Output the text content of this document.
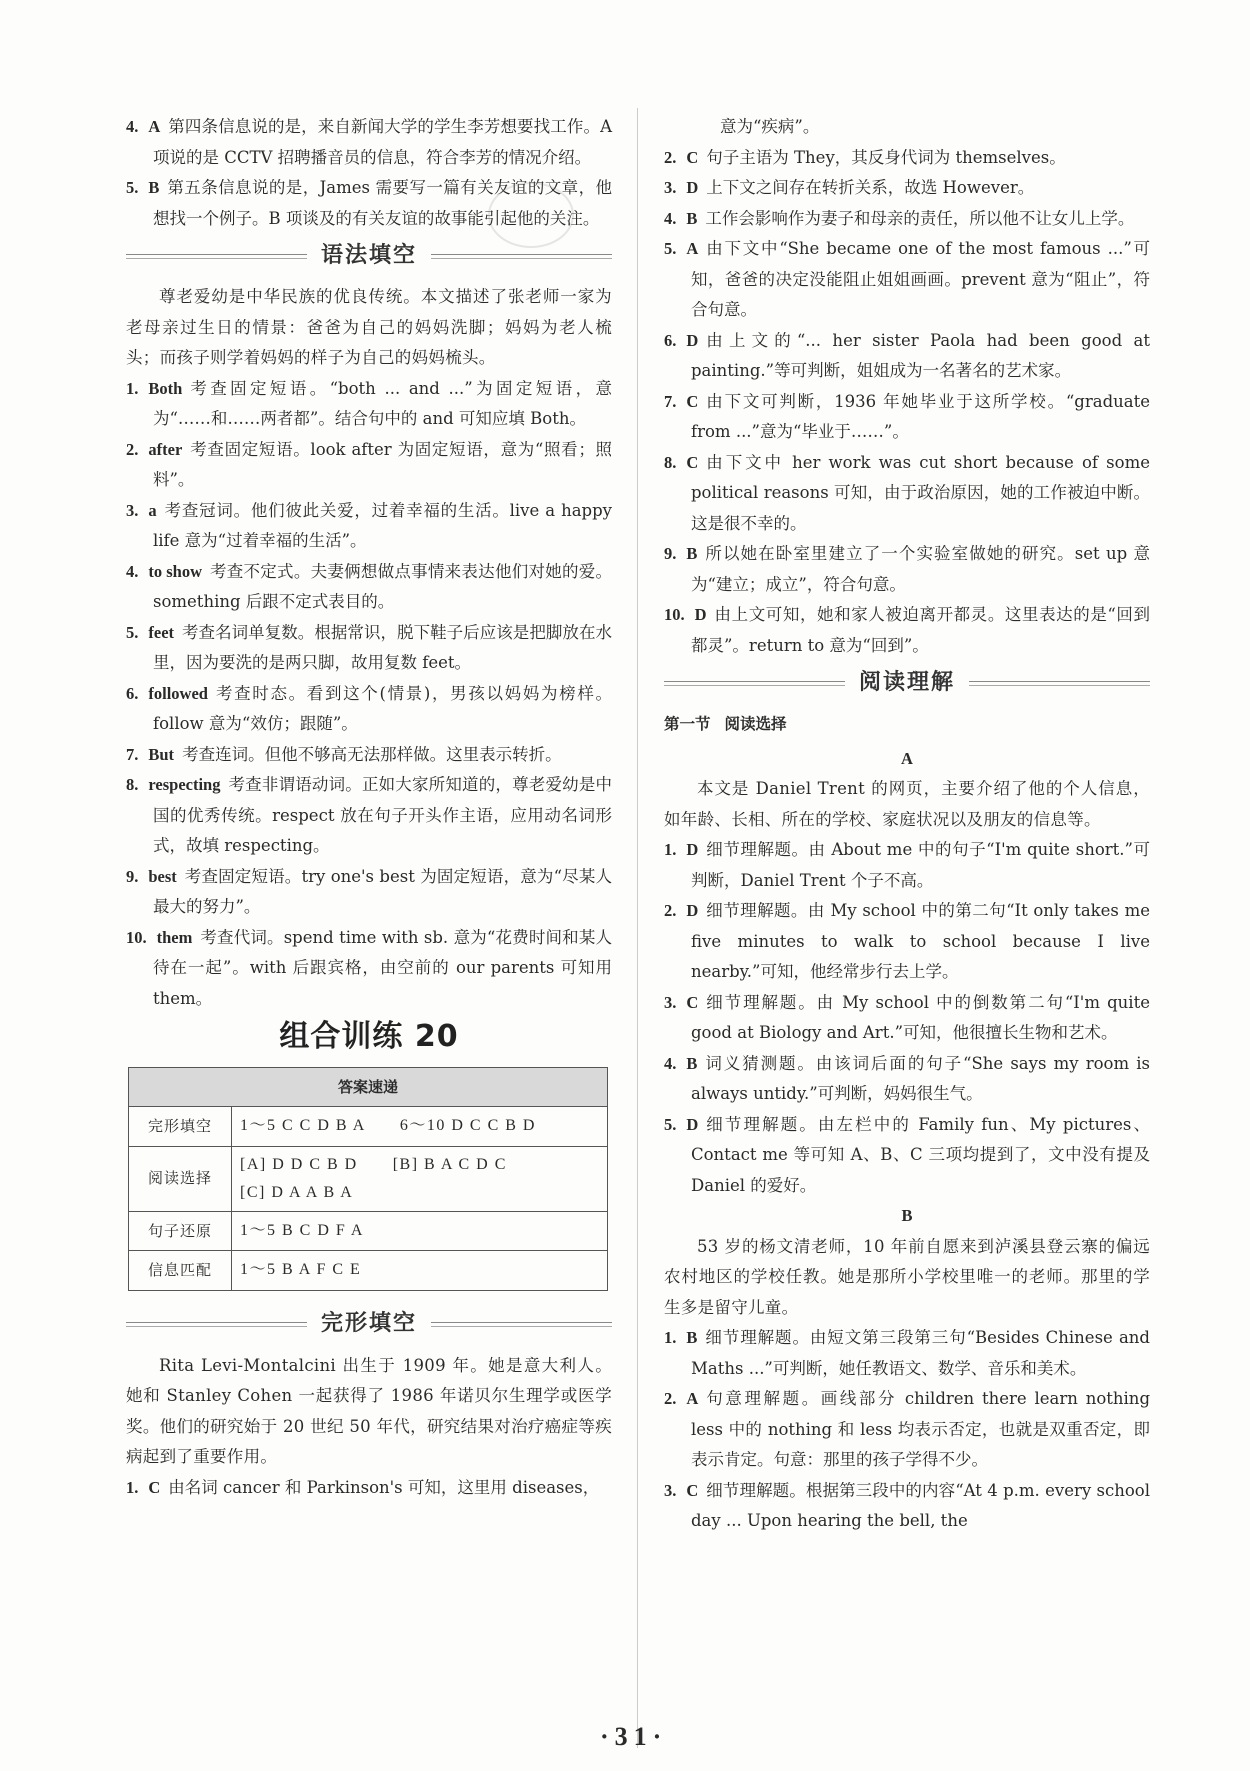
4. A 第四条信息说的是，来自新闻大学的学生李芳想要找工作。A 项说的是 CCTV 招聘播音员的信息，符合李芳的情况介绍。
5. B 第五条信息说的是，James 需要写一篇有关友谊的文章，他想找一个例子。B 项谈及的有关友谊的故事能引起他的关注。
语法填空

尊老爱幼是中华民族的优良传统。本文描述了张老师一家为老母亲过生日的情景：爸爸为自己的妈妈洗脚；妈妈为老人梳头；而孩子则学着妈妈的样子为自己的妈妈梳头。

1. Both 考查固定短语。“both ... and ...”为固定短语，意为“……和……两者都”。结合句中的 and 可知应填 Both。
2. after 考查固定短语。look after 为固定短语，意为“照看；照料”。
3. a 考查冠词。他们彼此关爱，过着幸福的生活。live a happy life 意为“过着幸福的生活”。
4. to show 考查不定式。夫妻俩想做点事情来表达他们对她的爱。something 后跟不定式表目的。
5. feet 考查名词单复数。根据常识，脱下鞋子后应该是把脚放在水里，因为要洗的是两只脚，故用复数 feet。
6. followed 考查时态。看到这个(情景)，男孩以妈妈为榜样。follow 意为“效仿；跟随”。
7. But 考查连词。但他不够高无法那样做。这里表示转折。
8. respecting 考查非谓语动词。正如大家所知道的，尊老爱幼是中国的优秀传统。respect 放在句子开头作主语，应用动名词形式，故填 respecting。
9. best 考查固定短语。try one's best 为固定短语，意为“尽某人最大的努力”。
10. them 考查代词。spend time with sb. 意为“花费时间和某人待在一起”。with 后跟宾格，由空前的 our parents 可知用 them。
组合训练 20
答案速递	
完形填空	1～5 C C D B A　　6～10 D C C B D

阅读选择	[A] D D C B D　　[B] B A C D C
[C] D A A B A

句子还原	1～5 B C D F A

信息匹配	1～5 B A F C E
完形填空

Rita Levi-Montalcini 出生于 1909 年。她是意大利人。她和 Stanley Cohen 一起获得了 1986 年诺贝尔生理学或医学奖。他们的研究始于 20 世纪 50 年代，研究结果对治疗癌症等疾病起到了重要作用。

1. C 由名词 cancer 和 Parkinson's 可知，这里用 diseases，
意为“疾病”。
2. C 句子主语为 They，其反身代词为 themselves。
3. D 上下文之间存在转折关系，故选 However。
4. B 工作会影响作为妻子和母亲的责任，所以他不让女儿上学。
5. A 由下文中“She became one of the most famous ...”可知，爸爸的决定没能阻止姐姐画画。prevent 意为“阻止”，符合句意。
6. D 由上文的“... her sister Paola had been good at painting.”等可判断，姐姐成为一名著名的艺术家。
7. C 由下文可判断，1936 年她毕业于这所学校。“graduate from ...”意为“毕业于……”。
8. C 由下文中 her work was cut short because of some political reasons 可知，由于政治原因，她的工作被迫中断。这是很不幸的。
9. B 所以她在卧室里建立了一个实验室做她的研究。set up 意为“建立；成立”，符合句意。
10. D 由上文可知，她和家人被迫离开都灵。这里表达的是“回到都灵”。return to 意为“回到”。
阅读理解
第一节 阅读选择

A

本文是 Daniel Trent 的网页，主要介绍了他的个人信息，如年龄、长相、所在的学校、家庭状况以及朋友的信息等。

1. D 细节理解题。由 About me 中的句子“I'm quite short.”可判断，Daniel Trent 个子不高。
2. D 细节理解题。由 My school 中的第二句“It only takes me five minutes to walk to school because I live nearby.”可知，他经常步行去上学。
3. C 细节理解题。由 My school 中的倒数第二句“I'm quite good at Biology and Art.”可知，他很擅长生物和艺术。
4. B 词义猜测题。由该词后面的句子“She says my room is always untidy.”可判断，妈妈很生气。
5. D 细节理解题。由左栏中的 Family fun、My pictures、Contact me 等可知 A、B、C 三项均提到了，文中没有提及 Daniel 的爱好。

B

53 岁的杨文清老师，10 年前自愿来到泸溪县登云寨的偏远农村地区的学校任教。她是那所小学校里唯一的老师。那里的学生多是留守儿童。

1. B 细节理解题。由短文第三段第三句“Besides Chinese and Maths ...”可判断，她任教语文、数学、音乐和美术。
2. A 句意理解题。画线部分 children there learn nothing less 中的 nothing 和 less 均表示否定，也就是双重否定，即表示肯定。句意：那里的孩子学得不少。
3. C 细节理解题。根据第三段中的内容“At 4 p.m. every school day ... Upon hearing the bell, the
·31·
